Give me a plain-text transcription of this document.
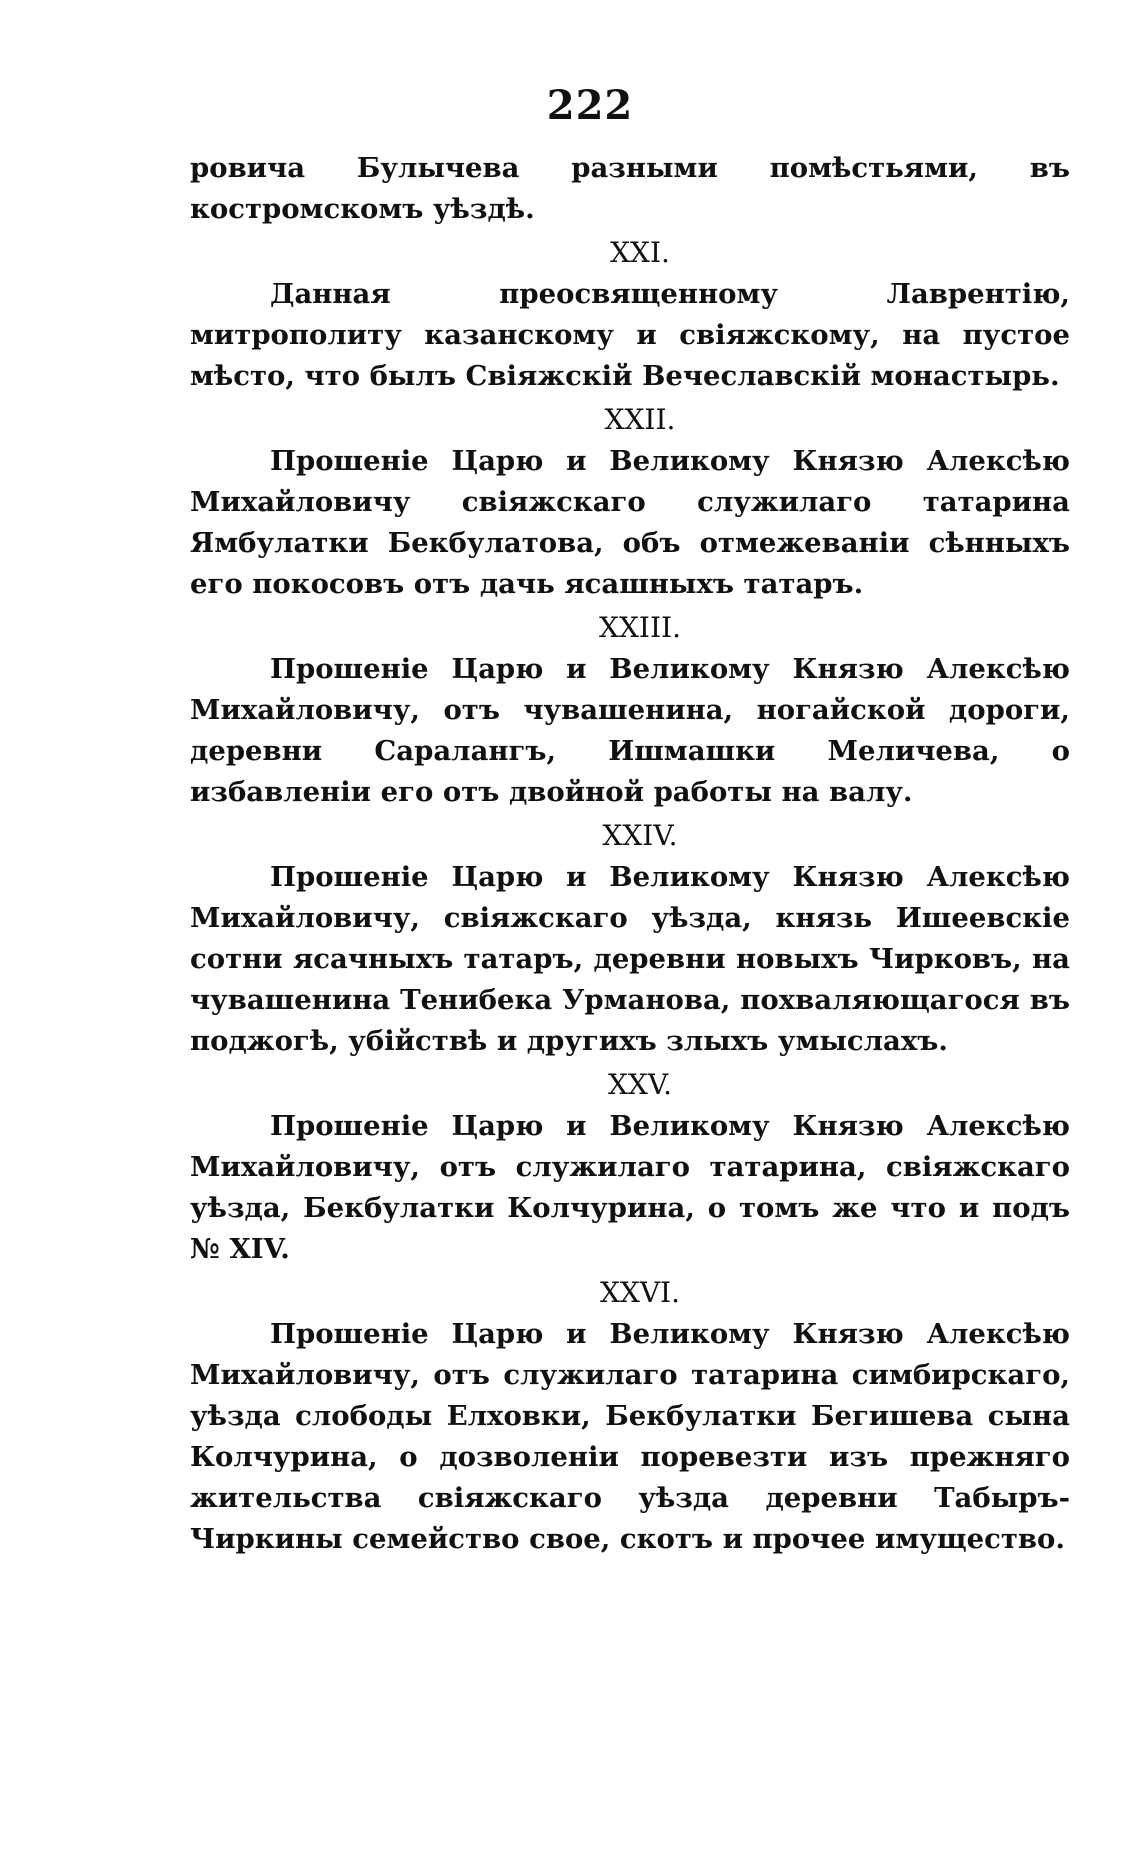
222

ровича Булычева разными помѣстьями, въ костромскомъ уѣздѣ.

XXI.

Данная преосвященному Лаврентію, митрополиту казанскому и свіяжскому, на пустое мѣсто, что былъ Свіяжскій Вечеславскій монастырь.

XXII.

Прошеніе Царю и Великому Князю Алексѣю Михайловичу свіяжскаго служилаго татарина Ямбулатки Бекбулатова, объ отмежеваніи сѣнныхъ его покосовъ отъ дачь ясашныхъ татаръ.

XXIII.

Прошеніе Царю и Великому Князю Алексѣю Михайловичу, отъ чувашенина, ногайской дороги, деревни Саралангъ, Ишмашки Меличева, о избавленіи его отъ двойной работы на валу.

XXIV.

Прошеніе Царю и Великому Князю Алексѣю Михайловичу, свіяжскаго уѣзда, князь Ишеевскіе сотни ясачныхъ татаръ, деревни новыхъ Чирковъ, на чувашенина Тенибека Урманова, похваляющагося въ поджогѣ, убійствѣ и другихъ злыхъ умыслахъ.

XXV.

Прошеніе Царю и Великому Князю Алексѣю Михайловичу, отъ служилаго татарина, свіяжскаго уѣзда, Бекбулатки Колчурина, о томъ же что и подъ № XIV.

XXVI.

Прошеніе Царю и Великому Князю Алексѣю Михайловичу, отъ служилаго татарина симбирскаго, уѣзда слободы Елховки, Бекбулатки Бегишева сына Колчурина, о дозволеніи поревезти изъ прежняго жительства свіяжскаго уѣзда деревни Табыръ-Чиркины семейство свое, скотъ и прочее имущество.
